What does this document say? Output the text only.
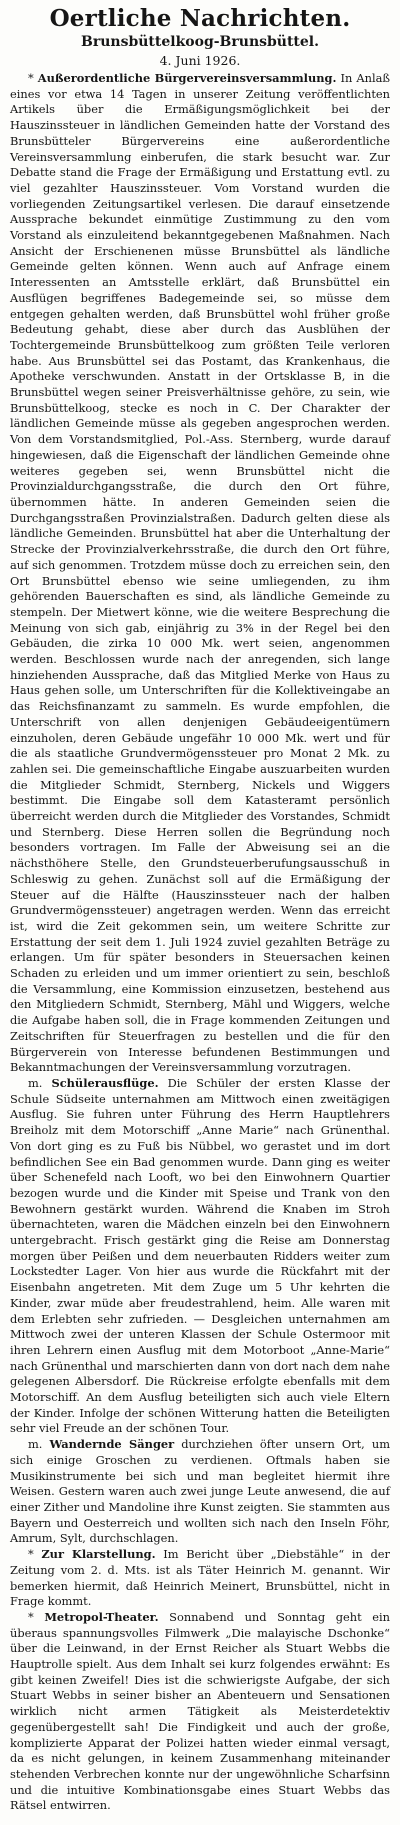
Oertliche Nachrichten.
Brunsbüttelkoog-Brunsbüttel.
4. Juni 1926.

* Außerordentliche Bürgervereinsversammlung. In Anlaß eines vor etwa 14 Tagen in unserer Zeitung veröffentlichten Artikels über die Ermäßigungsmöglichkeit bei der Hauszinssteuer in ländlichen Gemeinden hatte der Vorstand des Brunsbütteler Bürgervereins eine außerordentliche Vereinsversammlung einberufen, die stark besucht war. Zur Debatte stand die Frage der Ermäßigung und Erstattung evtl. zu viel gezahlter Hauszinssteuer. Vom Vorstand wurden die vorliegenden Zeitungsartikel verlesen. Die darauf einsetzende Aussprache bekundet einmütige Zustimmung zu den vom Vorstand als einzuleitend bekanntgegebenen Maßnahmen. Nach Ansicht der Erschienenen müsse Brunsbüttel als ländliche Gemeinde gelten können. Wenn auch auf Anfrage einem Interessenten an Amtsstelle erklärt, daß Brunsbüttel ein Ausflügen begriffenes Badegemeinde sei, so müsse dem entgegen gehalten werden, daß Brunsbüttel wohl früher große Bedeutung gehabt, diese aber durch das Ausblühen der Tochtergemeinde Brunsbüttelkoog zum größten Teile verloren habe. Aus Brunsbüttel sei das Postamt, das Krankenhaus, die Apotheke verschwunden. Anstatt in der Ortsklasse B, in die Brunsbüttel wegen seiner Preisverhältnisse gehöre, zu sein, wie Brunsbüttelkoog, stecke es noch in C. Der Charakter der ländlichen Gemeinde müsse als gegeben angesprochen werden. Von dem Vorstandsmitglied, Pol.-Ass. Sternberg, wurde darauf hingewiesen, daß die Eigenschaft der ländlichen Gemeinde ohne weiteres gegeben sei, wenn Brunsbüttel nicht die Provinzialdurchgangsstraße, die durch den Ort führe, übernommen hätte. In anderen Gemeinden seien die Durchgangsstraßen Provinzialstraßen. Dadurch gelten diese als ländliche Gemeinden. Brunsbüttel hat aber die Unterhaltung der Strecke der Provinzialverkehrsstraße, die durch den Ort führe, auf sich genommen. Trotzdem müsse doch zu erreichen sein, den Ort Brunsbüttel ebenso wie seine umliegenden, zu ihm gehörenden Bauerschaften es sind, als ländliche Gemeinde zu stempeln. Der Mietwert könne, wie die weitere Besprechung die Meinung von sich gab, einjährig zu 3% in der Regel bei den Gebäuden, die zirka 10 000 Mk. wert seien, angenommen werden. Beschlossen wurde nach der anregenden, sich lange hinziehenden Aussprache, daß das Mitglied Merke von Haus zu Haus gehen solle, um Unterschriften für die Kollektiveingabe an das Reichsfinanzamt zu sammeln. Es wurde empfohlen, die Unterschrift von allen denjenigen Gebäudeeigentümern einzuholen, deren Gebäude ungefähr 10 000 Mk. wert und für die als staatliche Grundvermögenssteuer pro Monat 2 Mk. zu zahlen sei. Die gemeinschaftliche Eingabe auszuarbeiten wurden die Mitglieder Schmidt, Sternberg, Nickels und Wiggers bestimmt. Die Eingabe soll dem Katasteramt persönlich überreicht werden durch die Mitglieder des Vorstandes, Schmidt und Sternberg. Diese Herren sollen die Begründung noch besonders vortragen. Im Falle der Abweisung sei an die nächsthöhere Stelle, den Grundsteuerberufungsausschuß in Schleswig zu gehen. Zunächst soll auf die Ermäßigung der Steuer auf die Hälfte (Hauszinssteuer nach der halben Grundvermögenssteuer) angetragen werden. Wenn das erreicht ist, wird die Zeit gekommen sein, um weitere Schritte zur Erstattung der seit dem 1. Juli 1924 zuviel gezahlten Beträge zu erlangen. Um für später besonders in Steuersachen keinen Schaden zu erleiden und um immer orientiert zu sein, beschloß die Versammlung, eine Kommission einzusetzen, bestehend aus den Mitgliedern Schmidt, Sternberg, Mähl und Wiggers, welche die Aufgabe haben soll, die in Frage kommenden Zeitungen und Zeitschriften für Steuerfragen zu bestellen und die für den Bürgerverein von Interesse befundenen Bestimmungen und Bekanntmachungen der Vereinsversammlung vorzutragen.

m. Schülerausflüge. Die Schüler der ersten Klasse der Schule Südseite unternahmen am Mittwoch einen zweitägigen Ausflug. Sie fuhren unter Führung des Herrn Hauptlehrers Breiholz mit dem Motorschiff „Anne Marie“ nach Grünenthal. Von dort ging es zu Fuß bis Nübbel, wo gerastet und im dort befindlichen See ein Bad genommen wurde. Dann ging es weiter über Schenefeld nach Looft, wo bei den Einwohnern Quartier bezogen wurde und die Kinder mit Speise und Trank von den Bewohnern gestärkt wurden. Während die Knaben im Stroh übernachteten, waren die Mädchen einzeln bei den Einwohnern untergebracht. Frisch gestärkt ging die Reise am Donnerstag morgen über Peißen und dem neuerbauten Ridders weiter zum Lockstedter Lager. Von hier aus wurde die Rückfahrt mit der Eisenbahn angetreten. Mit dem Zuge um 5 Uhr kehrten die Kinder, zwar müde aber freudestrahlend, heim. Alle waren mit dem Erlebten sehr zufrieden. — Desgleichen unternahmen am Mittwoch zwei der unteren Klassen der Schule Ostermoor mit ihren Lehrern einen Ausflug mit dem Motorboot „Anne-Marie“ nach Grünenthal und marschierten dann von dort nach dem nahe gelegenen Albersdorf. Die Rückreise erfolgte ebenfalls mit dem Motorschiff. An dem Ausflug beteiligten sich auch viele Eltern der Kinder. Infolge der schönen Witterung hatten die Beteiligten sehr viel Freude an der schönen Tour.

m. Wandernde Sänger durchziehen öfter unsern Ort, um sich einige Groschen zu verdienen. Oftmals haben sie Musikinstrumente bei sich und man begleitet hiermit ihre Weisen. Gestern waren auch zwei junge Leute anwesend, die auf einer Zither und Mandoline ihre Kunst zeigten. Sie stammten aus Bayern und Oesterreich und wollten sich nach den Inseln Föhr, Amrum, Sylt, durchschlagen.

* Zur Klarstellung. Im Bericht über „Diebstähle“ in der Zeitung vom 2. d. Mts. ist als Täter Heinrich M. genannt. Wir bemerken hiermit, daß Heinrich Meinert, Brunsbüttel, nicht in Frage kommt.

* Metropol-Theater. Sonnabend und Sonntag geht ein überaus spannungsvolles Filmwerk „Die malayische Dschonke“ über die Leinwand, in der Ernst Reicher als Stuart Webbs die Hauptrolle spielt. Aus dem Inhalt sei kurz folgendes erwähnt: Es gibt keinen Zweifel! Dies ist die schwierigste Aufgabe, der sich Stuart Webbs in seiner bisher an Abenteuern und Sensationen wirklich nicht armen Tätigkeit als Meisterdetektiv gegenübergestellt sah! Die Findigkeit und auch der große, komplizierte Apparat der Polizei hatten wieder einmal versagt, da es nicht gelungen, in keinem Zusammenhang miteinander stehenden Verbrechen konnte nur der ungewöhnliche Scharfsinn und die intuitive Kombinationsgabe eines Stuart Webbs das Rätsel entwirren.
